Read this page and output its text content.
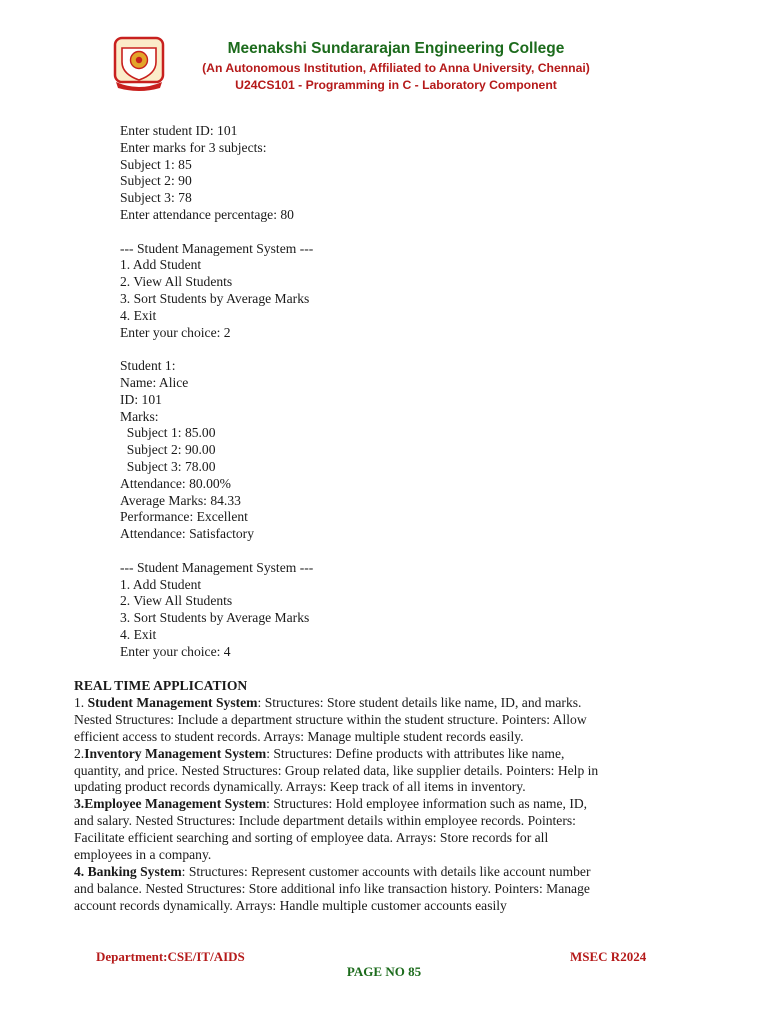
Meenakshi Sundararajan Engineering College
(An Autonomous Institution, Affiliated to Anna University, Chennai)
U24CS101 - Programming in C - Laboratory Component
Enter student ID: 101
Enter marks for 3 subjects:
Subject 1: 85
Subject 2: 90
Subject 3: 78
Enter attendance percentage: 80
--- Student Management System ---
1. Add Student
2. View All Students
3. Sort Students by Average Marks
4. Exit
Enter your choice: 2
Student 1:
Name: Alice
ID: 101
Marks:
Subject 1: 85.00
Subject 2: 90.00
Subject 3: 78.00
Attendance: 80.00%
Average Marks: 84.33
Performance: Excellent
Attendance: Satisfactory
--- Student Management System ---
1. Add Student
2. View All Students
3. Sort Students by Average Marks
4. Exit
Enter your choice: 4
REAL TIME APPLICATION
1. Student Management System: Structures: Store student details like name, ID, and marks.
Nested Structures: Include a department structure within the student structure. Pointers: Allow
efficient access to student records. Arrays: Manage multiple student records easily.
2.Inventory Management System: Structures: Define products with attributes like name,
quantity, and price. Nested Structures: Group related data, like supplier details. Pointers: Help in
updating product records dynamically. Arrays: Keep track of all items in inventory.
3.Employee Management System: Structures: Hold employee information such as name, ID,
and salary. Nested Structures: Include department details within employee records. Pointers:
Facilitate efficient searching and sorting of employee data. Arrays: Store records for all
employees in a company.
4. Banking System: Structures: Represent customer accounts with details like account number
and balance. Nested Structures: Store additional info like transaction history. Pointers: Manage
account records dynamically. Arrays: Handle multiple customer accounts easily
Department:CSE/IT/AIDS	MSEC R2024
PAGE NO 85
